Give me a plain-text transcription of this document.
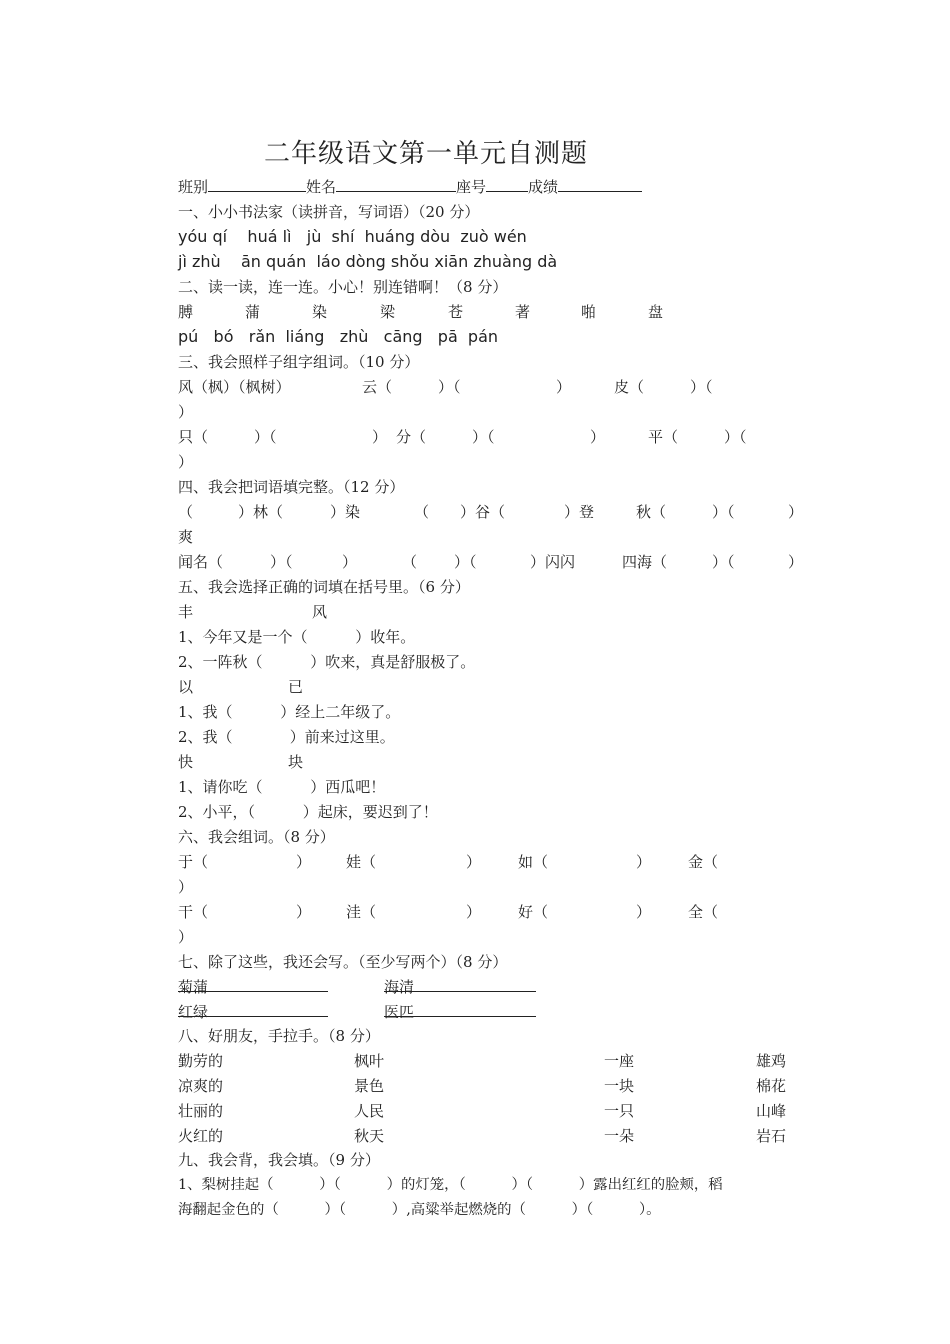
二年级语文第一单元自测题
班别	姓名	座号	成绩
一、小小书法家（读拼音，写词语）（20 分）
yóu qí    huá lì   jù  shí  huáng dòu  zuò wén
jì zhù    ān quán  láo dòng shǒu xiān zhuàng dà
二、读一读，连一连。小心！别连错啊！（8 分）
膊	蒲	染	梁	苍	著	啪	盘
pú   bó   rǎn  liáng   zhù   cāng   pā  pán
三、我会照样子组字组词。（10 分）
风（枫）（枫树）	云（	）（	）	皮（	）（
）
只（	）（	） 分（	）（	）	平（	）（
）
四、我会把词语填完整。（12 分）
（	）林（	）染	（ ）谷（	）登	秋（	）（	）
爽
闻名（	）（	）	（ ）（	）闪闪	四海（	）（	）
五、我会选择正确的词填在括号里。（6 分）
丰	风
1、今年又是一个（          ）收年。
2、一阵秋（          ）吹来，真是舒服极了。
以	已
1、我（          ）经上二年级了。
2、我（            ）前来过这里。
快	块
1、请你吃（          ）西瓜吧！
2、小平，（          ）起床，要迟到了！
六、我会组词。（8 分）
于（	） 娃（	） 如（	） 金（
）
干（	） 洼（	） 好（	） 全（
）
七、除了这些，我还会写。（至少写两个）（8 分）
菊蒲	海清
红绿	医匹
八、好朋友，手拉手。（8 分）
勤劳的	枫叶	一座	雄鸡
凉爽的	景色	一块	棉花
壮丽的	人民	一只	山峰
火红的	秋天	一朵	岩石
九、我会背，我会填。（9 分）
1、梨树挂起（          ）（          ）的灯笼，（          ）（          ）露出红红的脸颊，稻
海翻起金色的（          ）（          ）,高粱举起燃烧的（          ）（          ）。
